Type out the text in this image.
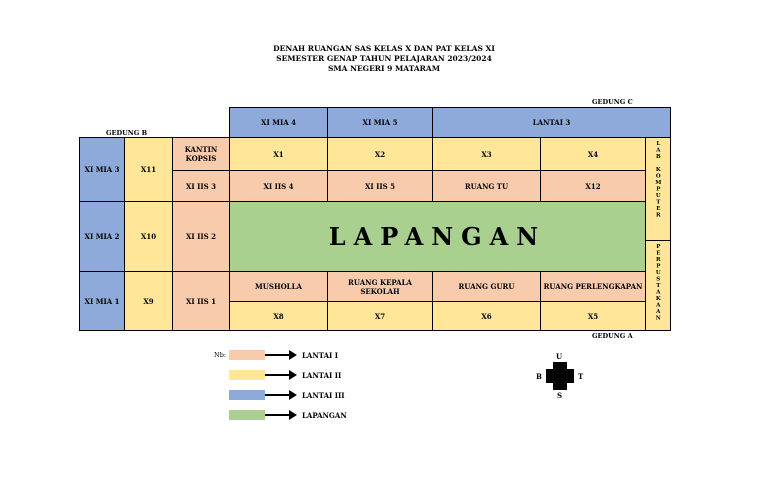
DENAH RUANGAN SAS KELAS X DAN PAT KELAS XI
SEMESTER GENAP TAHUN PELAJARAN 2023/2024
SMA NEGERI 9 MATARAM
GEDUNG B
GEDUNG C
GEDUNG A
XI MIA 4	XI MIA 5	LANTAI 3
XI MIA 3	X11
KANTIN KOPSIS
XI IIS 3
XI MIA 2	X10	XI IIS 2
XI MIA 1	X9	XI IIS 1
X1	X2	X3	X4
XI IIS 4	XI IIS 5	RUANG TU	X12
LAPANGAN
LAB KOMPUTER
PERPUSTAKAAN
MUSHOLLA	RUANG KEPALA SEKOLAH	RUANG GURU	RUANG PERLENGKAPAN
X8	X7	X6	X5
Nb:	LANTAI I
LANTAI II
LANTAI III
LAPANGAN
U
S
B	T
